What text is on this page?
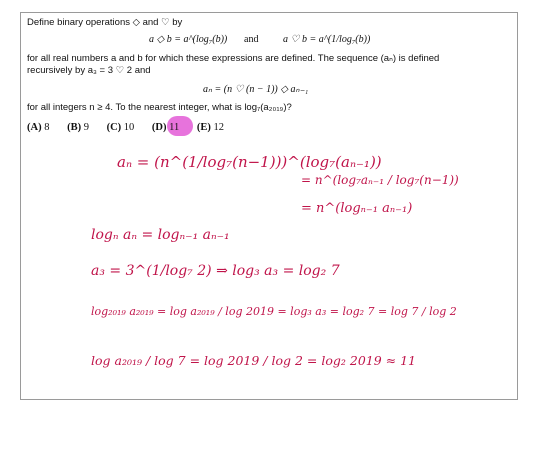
Define binary operations ◇ and ♡ by
a ◇ b = a^(log₇(b)) and a ♡ b = a^(1/log₇(b))
for all real numbers a and b for which these expressions are defined. The sequence (aₙ) is defined
recursively by a₃ = 3 ♡ 2 and
aₙ = (n ♡ (n − 1)) ◇ aₙ₋₁
for all integers n ≥ 4. To the nearest integer, what is log₇(a₂₀₁₉)?
(A) 8 (B) 9 (C) 10 (D) 11 (E) 12
aₙ = (n^(1/log₇(n−1)))^(log₇(aₙ₋₁))
= n^(log₇aₙ₋₁ / log₇(n−1))
= n^(logₙ₋₁ aₙ₋₁)
logₙ aₙ = logₙ₋₁ aₙ₋₁
a₃ = 3^(1/log₇ 2) ⇒ log₃ a₃ = log₂ 7
log₂₀₁₉ a₂₀₁₉ = log a₂₀₁₉ / log 2019 = log₃ a₃ = log₂ 7 = log 7 / log 2
log a₂₀₁₉ / log 7 = log 2019 / log 2 = log₂ 2019 ≈ 11
